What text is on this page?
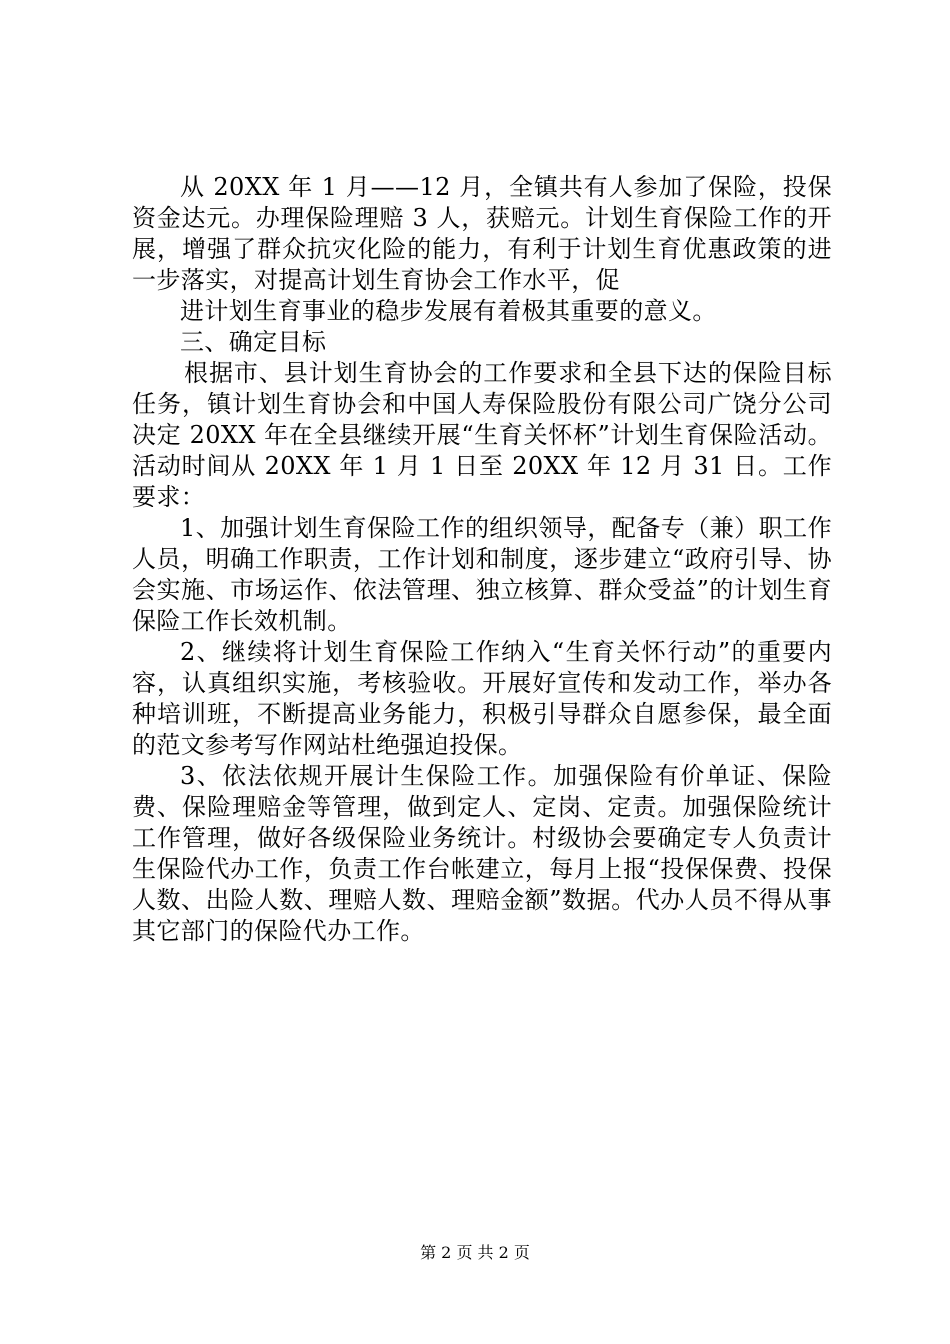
从 20XX 年 1 月——12 月，全镇共有人参加了保险，投保资金达元。办理保险理赔 3 人，获赔元。计划生育保险工作的开展，增强了群众抗灾化险的能力，有利于计划生育优惠政策的进一步落实，对提高计划生育协会工作水平，促

进计划生育事业的稳步发展有着极其重要的意义。

三、确定目标

根据市、县计划生育协会的工作要求和全县下达的保险目标任务，镇计划生育协会和中国人寿保险股份有限公司广饶分公司决定 20XX 年在全县继续开展“生育关怀杯”计划生育保险活动。活动时间从 20XX 年 1 月 1 日至 20XX 年 12 月 31 日。工作要求：

1、加强计划生育保险工作的组织领导，配备专（兼）职工作人员，明确工作职责，工作计划和制度，逐步建立“政府引导、协会实施、市场运作、依法管理、独立核算、群众受益”的计划生育保险工作长效机制。

2、继续将计划生育保险工作纳入“生育关怀行动”的重要内容，认真组织实施，考核验收。开展好宣传和发动工作，举办各种培训班，不断提高业务能力，积极引导群众自愿参保，最全面的范文参考写作网站杜绝强迫投保。

3、依法依规开展计生保险工作。加强保险有价单证、保险费、保险理赔金等管理，做到定人、定岗、定责。加强保险统计工作管理，做好各级保险业务统计。村级协会要确定专人负责计生保险代办工作，负责工作台帐建立，每月上报“投保保费、投保人数、出险人数、理赔人数、理赔金额”数据。代办人员不得从事其它部门的保险代办工作。

第 2 页 共 2 页
